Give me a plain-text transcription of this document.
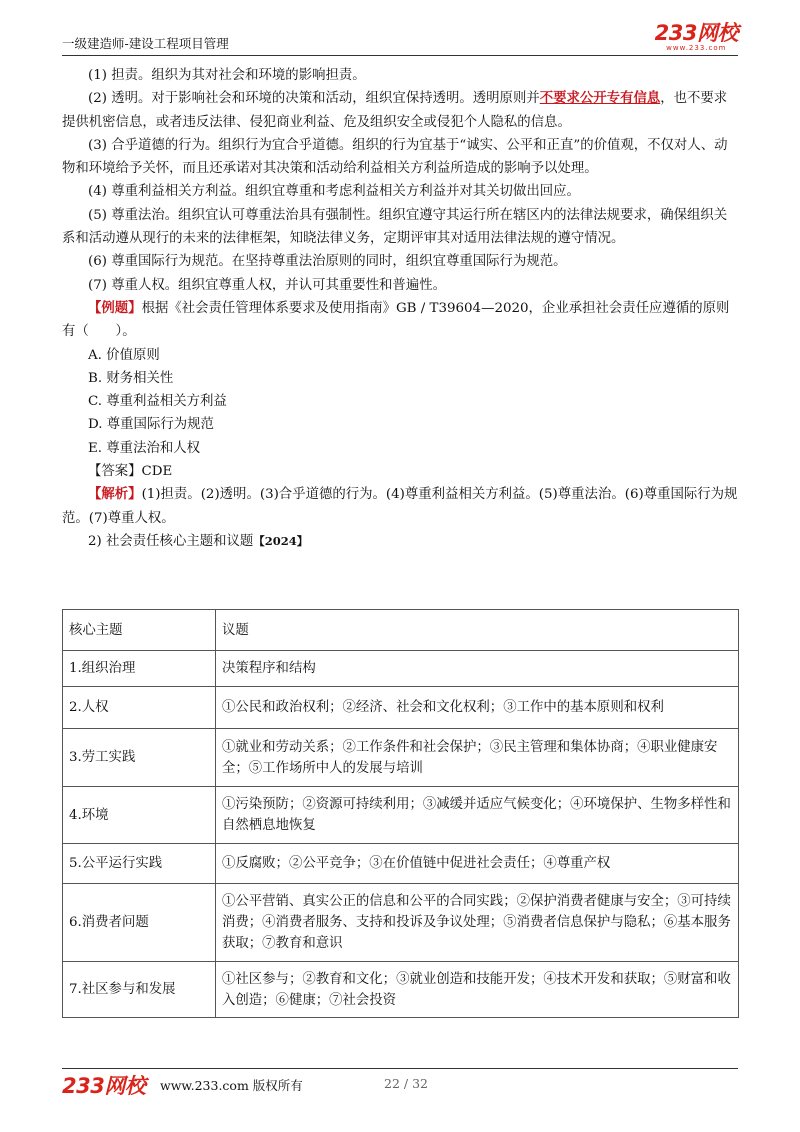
一级建造师-建设工程项目管理	233网校
www.233.com

(1) 担责。组织为其对社会和环境的影响担责。

(2) 透明。对于影响社会和环境的决策和活动，组织宜保持透明。透明原则并不要求公开专有信息，也不要求提供机密信息，或者违反法律、侵犯商业利益、危及组织安全或侵犯个人隐私的信息。

(3) 合乎道德的行为。组织行为宜合乎道德。组织的行为宜基于“诚实、公平和正直”的价值观，不仅对人、动物和环境给予关怀，而且还承诺对其决策和活动给利益相关方利益所造成的影响予以处理。

(4) 尊重利益相关方利益。组织宜尊重和考虑利益相关方利益并对其关切做出回应。

(5) 尊重法治。组织宜认可尊重法治具有强制性。组织宜遵守其运行所在辖区内的法律法规要求，确保组织关系和活动遵从现行的未来的法律框架，知晓法律义务，定期评审其对适用法律法规的遵守情况。

(6) 尊重国际行为规范。在坚持尊重法治原则的同时，组织宜尊重国际行为规范。

(7) 尊重人权。组织宜尊重人权，并认可其重要性和普遍性。

【例题】根据《社会责任管理体系要求及使用指南》GB / T39604—2020，企业承担社会责任应遵循的原则有（　　）。

A. 价值原则

B. 财务相关性

C. 尊重利益相关方利益

D. 尊重国际行为规范

E. 尊重法治和人权

【答案】CDE

【解析】(1)担责。(2)透明。(3)合乎道德的行为。(4)尊重利益相关方利益。(5)尊重法治。(6)尊重国际行为规范。(7)尊重人权。

2) 社会责任核心主题和议题【2024】

核心主题	议题
1.组织治理	决策程序和结构
2.人权	①公民和政治权利；②经济、社会和文化权利；③工作中的基本原则和权利
3.劳工实践	①就业和劳动关系；②工作条件和社会保护；③民主管理和集体协商；④职业健康安全；⑤工作场所中人的发展与培训
4.环境	①污染预防；②资源可持续利用；③减缓并适应气候变化；④环境保护、生物多样性和自然栖息地恢复
5.公平运行实践	①反腐败；②公平竞争；③在价值链中促进社会责任；④尊重产权
6.消费者问题	①公平营销、真实公正的信息和公平的合同实践；②保护消费者健康与安全；③可持续消费；④消费者服务、支持和投诉及争议处理；⑤消费者信息保护与隐私；⑥基本服务获取；⑦教育和意识
7.社区参与和发展	①社区参与；②教育和文化；③就业创造和技能开发；④技术开发和获取；⑤财富和收入创造；⑥健康；⑦社会投资
233网校 www.233.com 版权所有	22 / 32
